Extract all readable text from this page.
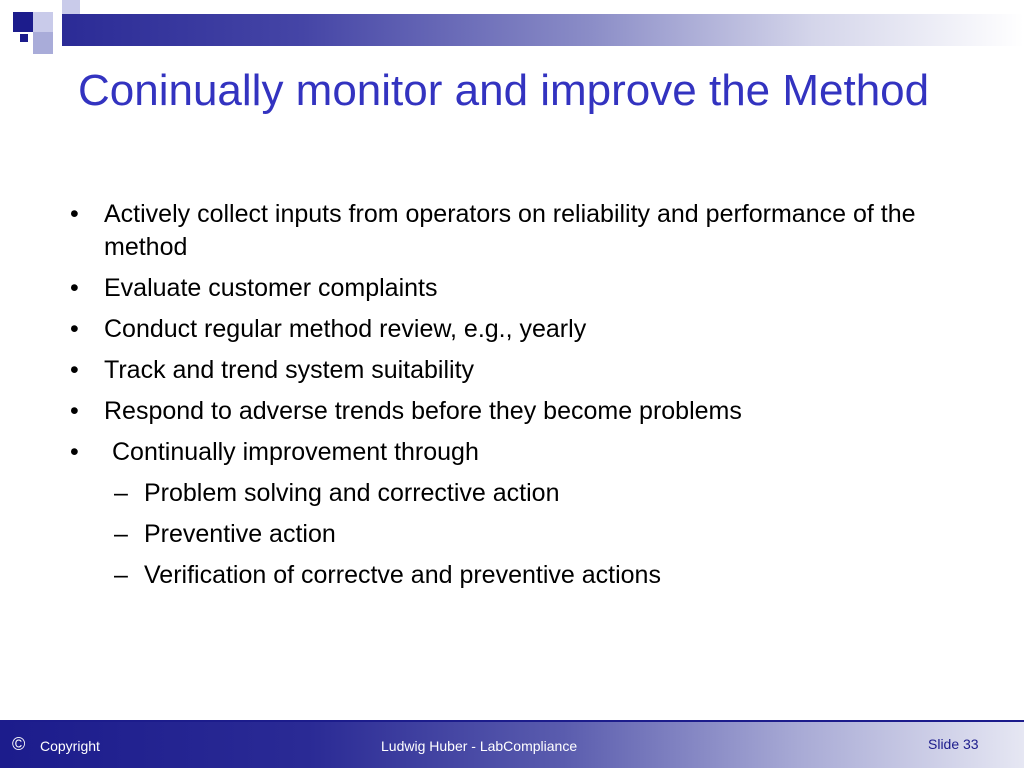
Coninually monitor and improve the Method
•	Actively collect inputs from operators on reliability and performance of the method
•	Evaluate customer complaints
•	Conduct regular method review, e.g., yearly
•	Track and trend system suitability
•	Respond to adverse trends before they become problems
•	Continually improvement through
– Problem solving and corrective action
– Preventive action
– Verification of correctve and preventive actions
© Copyright	Ludwig Huber - LabCompliance	Slide 33
